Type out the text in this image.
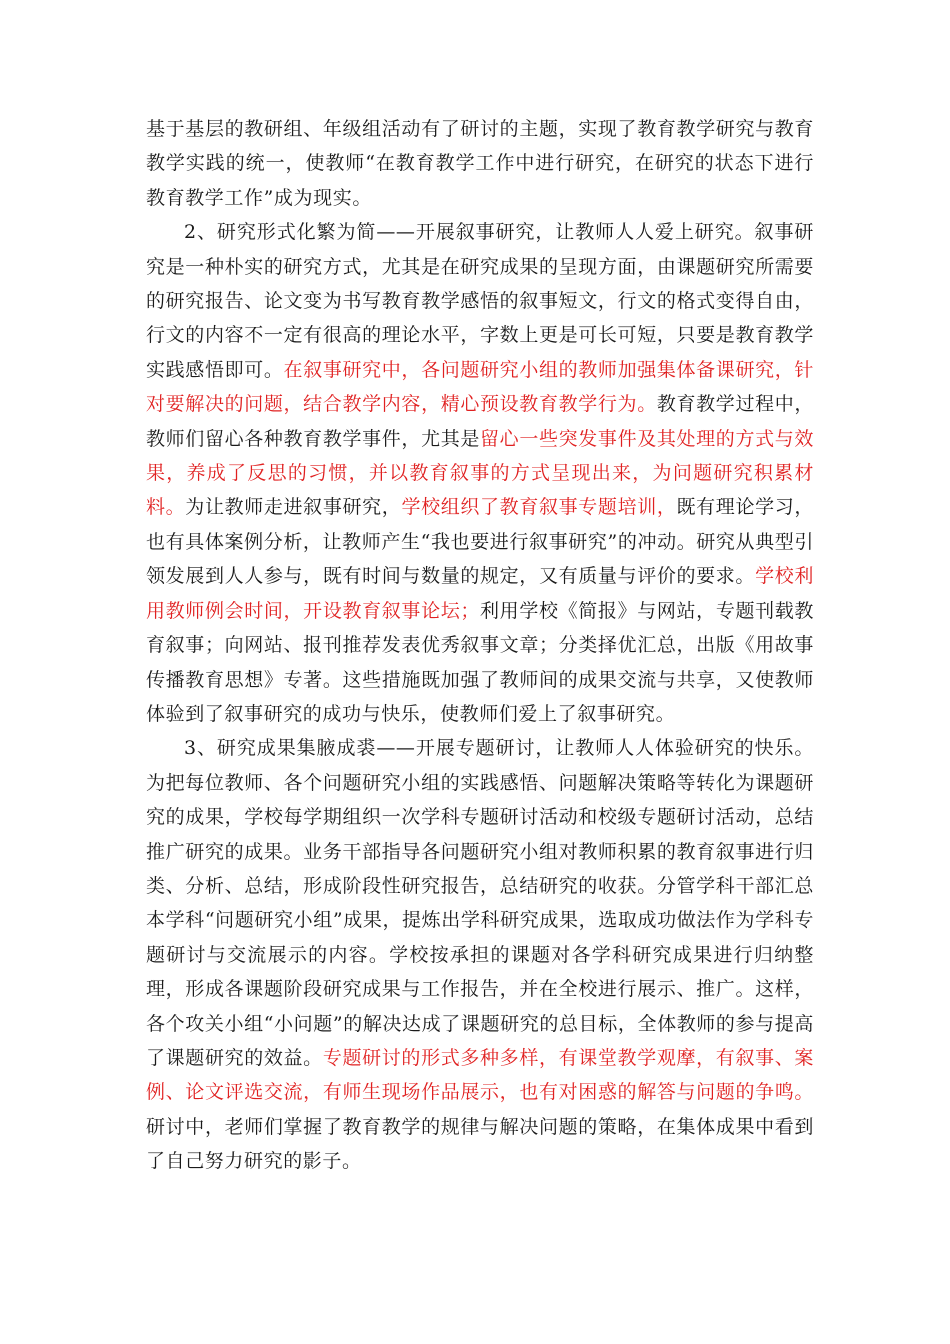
基于基层的教研组、年级组活动有了研讨的主题，实现了教育教学研究与教育教学实践的统一，使教师“在教育教学工作中进行研究，在研究的状态下进行教育教学工作”成为现实。

2、研究形式化繁为简——开展叙事研究，让教师人人爱上研究。叙事研究是一种朴实的研究方式，尤其是在研究成果的呈现方面，由课题研究所需要的研究报告、论文变为书写教育教学感悟的叙事短文，行文的格式变得自由，行文的内容不一定有很高的理论水平，字数上更是可长可短，只要是教育教学实践感悟即可。在叙事研究中，各问题研究小组的教师加强集体备课研究，针对要解决的问题，结合教学内容，精心预设教育教学行为。教育教学过程中，教师们留心各种教育教学事件，尤其是留心一些突发事件及其处理的方式与效果，养成了反思的习惯，并以教育叙事的方式呈现出来，为问题研究积累材料。为让教师走进叙事研究，学校组织了教育叙事专题培训，既有理论学习，也有具体案例分析，让教师产生“我也要进行叙事研究”的冲动。研究从典型引领发展到人人参与，既有时间与数量的规定，又有质量与评价的要求。学校利用教师例会时间，开设教育叙事论坛；利用学校《简报》与网站，专题刊载教育叙事；向网站、报刊推荐发表优秀叙事文章；分类择优汇总，出版《用故事传播教育思想》专著。这些措施既加强了教师间的成果交流与共享，又使教师体验到了叙事研究的成功与快乐，使教师们爱上了叙事研究。

3、研究成果集腋成裘——开展专题研讨，让教师人人体验研究的快乐。为把每位教师、各个问题研究小组的实践感悟、问题解决策略等转化为课题研究的成果，学校每学期组织一次学科专题研讨活动和校级专题研讨活动，总结推广研究的成果。业务干部指导各问题研究小组对教师积累的教育叙事进行归类、分析、总结，形成阶段性研究报告，总结研究的收获。分管学科干部汇总本学科“问题研究小组”成果，提炼出学科研究成果，选取成功做法作为学科专题研讨与交流展示的内容。学校按承担的课题对各学科研究成果进行归纳整理，形成各课题阶段研究成果与工作报告，并在全校进行展示、推广。这样，各个攻关小组“小问题”的解决达成了课题研究的总目标，全体教师的参与提高了课题研究的效益。专题研讨的形式多种多样，有课堂教学观摩，有叙事、案例、论文评选交流，有师生现场作品展示，也有对困惑的解答与问题的争鸣。研讨中，老师们掌握了教育教学的规律与解决问题的策略，在集体成果中看到了自己努力研究的影子。
